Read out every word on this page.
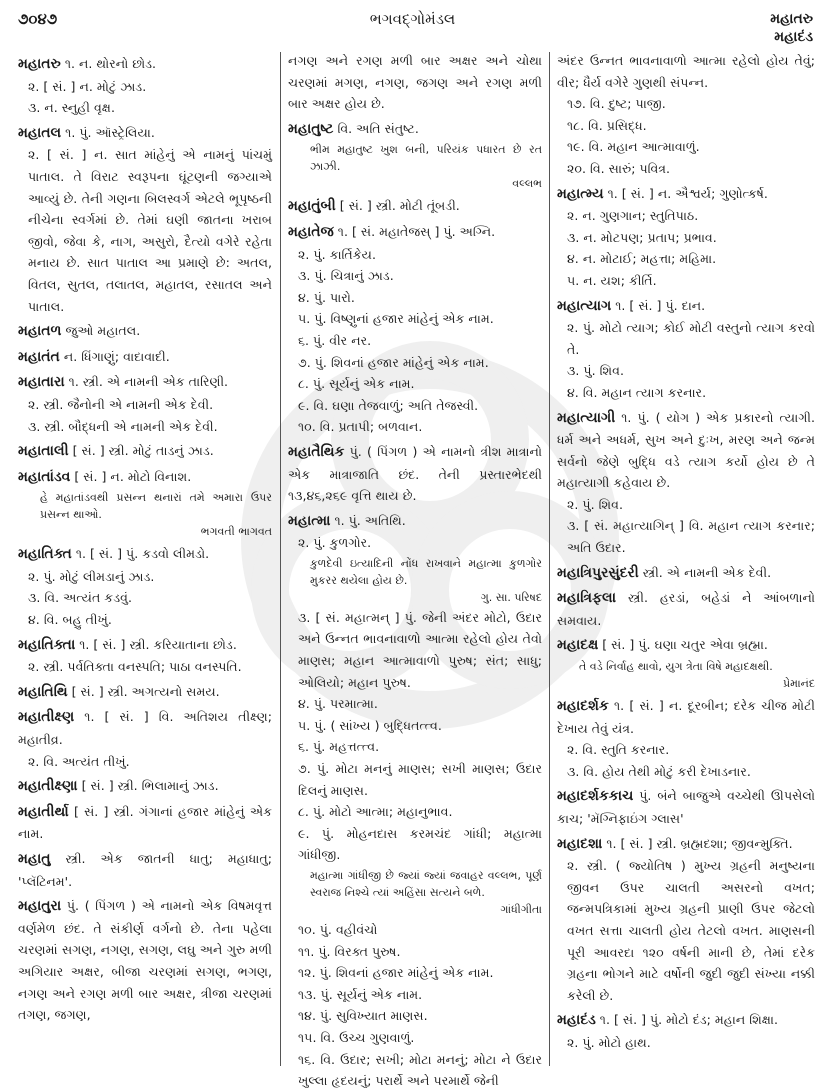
૭૦૪૭	ભગવદ્ગોમંડલ	મહાતરુ
મહાદંડ
મહાતરુ ૧. ન. થોરનો છોડ.
૨. [ સં. ] ન. મોટું ઝાડ.
૩. ન. સ્નુહી વૃક્ષ.
મહાતલ ૧. પું. ઑસ્ટ્રેલિયા.
૨. [ સં. ] ન. સાત માંહેનું એ નામનું પાંચમું પાતાલ. તે વિરાટ સ્વરૂપના ઘૂંટણની જગ્યાએ આવ્યું છે. તેની ગણના બિલસ્વર્ગ એટલે ભૂપૃષ્ઠની નીચેના સ્વર્ગમાં છે. તેમાં ઘણી જાતના ખરાબ જીવો, જેવા કે, નાગ, અસુરો, દૈત્યો વગેરે રહેતા મનાય છે. સાત પાતાલ આ પ્રમાણે છે: અતલ, વિતલ, સુતલ, તલાતલ, મહાતલ, રસાતલ અને પાતાલ.
મહાતળ જુઓ મહાતલ.
મહાતંત ન. ધિંગાણું; વાદાવાદી.
મહાતારા ૧. સ્ત્રી. એ નામની એક તારિણી.
૨. સ્ત્રી. જૈનોની એ નામની એક દેવી.
૩. સ્ત્રી. બૌદ્ધની એ નામની એક દેવી.
મહાતાલી [ સં. ] સ્ત્રી. મોટું તાડનું ઝાડ.
મહાતાંડવ [ સં. ] ન. મોટો વિનાશ.
હે મહાતાંડવથી પ્રસન્ન થનારાં તમે અમારા ઉપર પ્રસન્ન થાઓ.
ભગવતી ભાગવત
મહાતિક્ત ૧. [ સં. ] પું. કડવો લીમડો.
૨. પું. મોટું લીમડાનું ઝાડ.
૩. વિ. અત્યંત કડવું.
૪. વિ. બહુ તીખું.
મહાતિક્તા ૧. [ સં. ] સ્ત્રી. કરિયાતાના છોડ.
૨. સ્ત્રી. પર્વતિક્તા વનસ્પતિ; પાઠા વનસ્પતિ.
મહાતિથિ [ સં. ] સ્ત્રી. અગત્યનો સમય.
મહાતીક્ષ્ણ ૧. [ સં. ] વિ. અતિશય તીક્ષ્ણ; મહાતીવ્ર.
૨. વિ. અત્યંત તીખું.
મહાતીક્ષ્ણા [ સં. ] સ્ત્રી. ભિલામાનું ઝાડ.
મહાતીર્થા [ સં. ] સ્ત્રી. ગંગાનાં હજાર માંહેનું એક નામ.
મહાતુ સ્ત્રી. એક જાતની ધાતુ; મહાધાતુ; 'પ્લૅટિનમ'.
મહાતુરા પું. ( પિંગળ ) એ નામનો એક વિષમવૃત્ત વર્ણમેળ છંદ. તે સંકીર્ણ વર્ગનો છે. તેના પહેલા ચરણમાં સગણ, નગણ, સગણ, લઘુ અને ગુરુ મળી અગિયાર અક્ષર, બીજા ચરણમાં સગણ, ભગણ, નગણ અને રગણ મળી બાર અક્ષર, ત્રીજા ચરણમાં તગણ, જગણ,
નગણ અને રગણ મળી બાર અક્ષર અને ચોથા ચરણમાં મગણ, નગણ, જગણ અને રગણ મળી બાર અક્ષર હોય છે.
મહાતુષ્ટ વિ. અતિ સંતુષ્ટ.
ભીમ મહાતુષ્ટ ખુશ બની, પરિયંક પધારત છે રત ઝાઝી.
વલ્લભ
મહાતુંબી [ સં. ] સ્ત્રી. મોટી તૂંબડી.
મહાતેજ ૧. [ સં. મહાતેજસ્ ] પું. અગ્નિ.
૨. પું. કાર્તિકેય.
૩. પું. ચિત્રાનું ઝાડ.
૪. પું. પારો.
૫. પું. વિષ્ણુનાં હજાર માંહેનું એક નામ.
૬. પું. વીર નર.
૭. પું. શિવનાં હજાર માંહેનું એક નામ.
૮. પું. સૂર્યનું એક નામ.
૯. વિ. ઘણા તેજવાળું; અતિ તેજસ્વી.
૧૦. વિ. પ્રતાપી; બળવાન.
મહાતૈથિક પું. ( પિંગળ ) એ નામનો ત્રીશ માત્રાનો એક માત્રાજાતિ છંદ. તેની પ્રસ્તારભેદથી ૧૩,૪૬,૨૬૯ વૃત્તિ થાય છે.
મહાત્મા ૧. પું. અતિથિ.
૨. પું. કુળગોર.
કુળદેવી ઇત્યાદિની નોંધ રાખવાને મહાત્મા કુળગોર મુકરર થયેલા હોય છે.
ગુ. સા. પરિષદ
૩. [ સં. મહાત્મન્ ] પું. જેની અંદર મોટો, ઉદાર અને ઉન્નત ભાવનાવાળો આત્મા રહેલો હોય તેવો માણસ; મહાન આત્માવાળો પુરુષ; સંત; સાધુ; ઓલિયો; મહાન પુરુષ.
૪. પું. પરમાત્મા.
૫. પું. ( સાંખ્ય ) બુદ્ધિતત્ત્વ.
૬. પું. મહત્તત્ત્વ.
૭. પું. મોટા મનનું માણસ; સખી માણસ; ઉદાર દિલનું માણસ.
૮. પું. મોટો આત્મા; મહાનુભાવ.
૯. પું. મોહનદાસ કરમચંદ ગાંધી; મહાત્મા ગાંધીજી.
મહાત્મા ગાંધીજી છે જ્યાં જ્યાં જવાહર વલ્લભ, પૂર્ણ સ્વરાજ નિશ્ચે ત્યાં અહિંસા સત્યને બળે.
ગાંધીગીતા
૧૦. પું. વહીવંચો
૧૧. પું. વિરક્ત પુરુષ.
૧૨. પું. શિવનાં હજાર માંહેનું એક નામ.
૧૩. પું. સૂર્યનું એક નામ.
૧૪. પું. સુવિખ્યાત માણસ.
૧૫. વિ. ઉચ્ચ ગુણવાળું.
૧૬. વિ. ઉદાર; સખી; મોટા મનનું; મોટા ને ઉદાર ખુલ્લા હૃદયનું; પરાર્થે અને પરમાર્થે જેની
અંદર ઉન્નત ભાવનાવાળો આત્મા રહેલો હોય તેવું; વીર; ધૈર્ય વગેરે ગુણથી સંપન્ન.
૧૭. વિ. દુષ્ટ; પાજી.
૧૮. વિ. પ્રસિદ્ધ.
૧૯. વિ. મહાન આત્માવાળું.
૨૦. વિ. સારું; પવિત્ર.
મહાત્મ્ય ૧. [ સં. ] ન. ઐશ્વર્ય; ગુણોત્કર્ષ.
૨. ન. ગુણગાન; સ્તુતિપાઠ.
૩. ન. મોટપણ; પ્રતાપ; પ્રભાવ.
૪. ન. મોટાઈ; મહત્તા; મહિમા.
૫. ન. યશ; કીર્તિ.
મહાત્યાગ ૧. [ સં. ] પું. દાન.
૨. પું. મોટો ત્યાગ; કોઈ મોટી વસ્તુનો ત્યાગ કરવો તે.
૩. પું. શિવ.
૪. વિ. મહાન ત્યાગ કરનાર.
મહાત્યાગી ૧. પું. ( યોગ ) એક પ્રકારનો ત્યાગી. ધર્મ અને અધર્મ, સુખ અને દુઃખ, મરણ અને જન્મ સર્વનો જેણે બુદ્ધિ વડે ત્યાગ કર્યો હોય છે તે મહાત્યાગી કહેવાય છે.
૨. પું. શિવ.
૩. [ સં. મહાત્યાગિન્ ] વિ. મહાન ત્યાગ કરનાર; અતિ ઉદાર.
મહાત્રિપુરસુંદરી સ્ત્રી. એ નામની એક દેવી.
મહાત્રિફલા સ્ત્રી. હરડાં, બહેડાં ને આંબળાનો સમવાય.
મહાદક્ષ [ સં. ] પું. ઘણા ચતુર એવા બ્રહ્મા.
તે વડે નિર્વાહ થાવો, યુગ ત્રેતા વિષે મહાદક્ષથી.
પ્રેમાનંદ
મહાદર્શક ૧. [ સં. ] ન. દૂરબીન; દરેક ચીજ મોટી દેખાય તેવું યંત્ર.
૨. વિ. સ્તુતિ કરનાર.
૩. વિ. હોય તેથી મોટું કરી દેખાડનાર.
મહાદર્શકકાચ પું. બંને બાજુએ વચ્ચેથી ઊપસેલો કાચ; 'મૅગ્નિફાઇંગ ગ્લાસ'
મહાદશા ૧. [ સં. ] સ્ત્રી. બ્રહ્મદશા; જીવન્મુક્તિ.
૨. સ્ત્રી. ( જ્યોતિષ ) મુખ્ય ગ્રહની મનુષ્યના જીવન ઉપર ચાલતી અસરનો વખત; જન્મપત્રિકામાં મુખ્ય ગ્રહની પ્રાણી ઉપર જેટલો વખત સત્તા ચાલતી હોય તેટલો વખત. માણસની પૂરી આવરદા ૧૨૦ વર્ષની માની છે, તેમાં દરેક ગ્રહના ભોગને માટે વર્ષોની જુદી જુદી સંખ્યા નક્કી કરેલી છે.
મહાદંડ ૧. [ સં. ] પું. મોટો દંડ; મહાન શિક્ષા.
૨. પું. મોટો હાથ.
